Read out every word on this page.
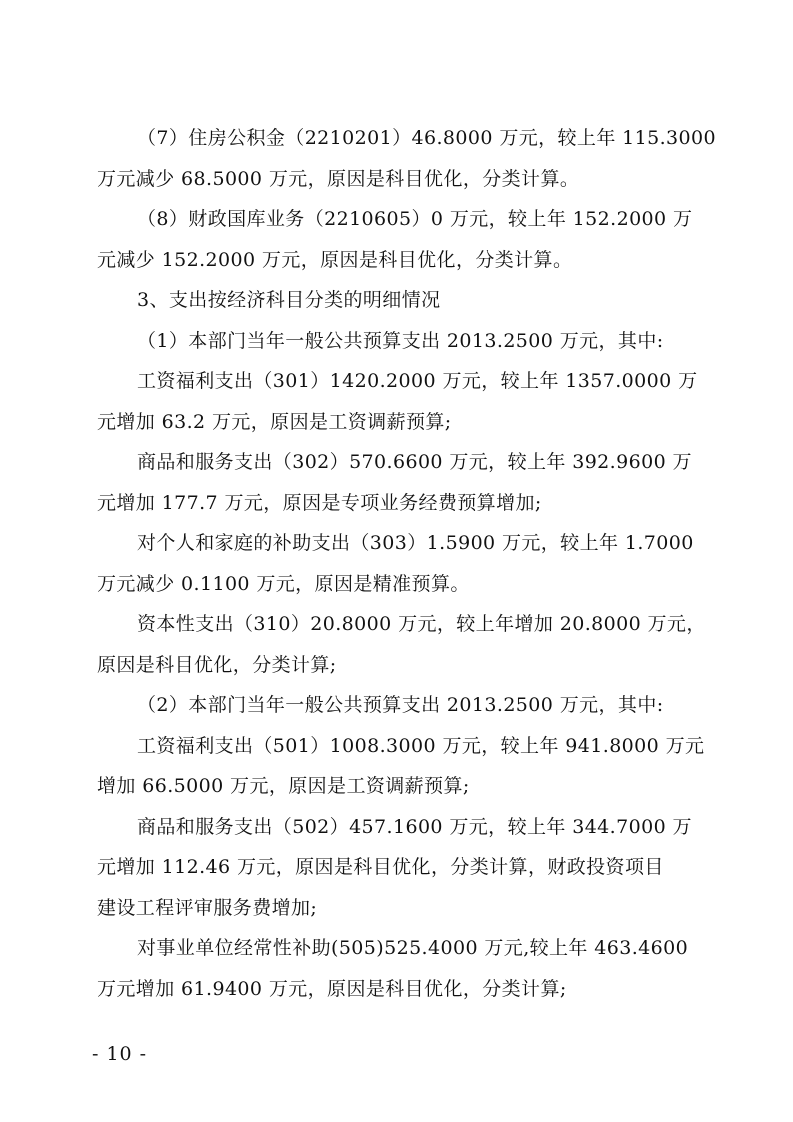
（7）住房公积金（2210201）46.8000 万元，较上年 115.3000
万元减少 68.5000 万元，原因是科目优化，分类计算。
（8）财政国库业务（2210605）0 万元，较上年 152.2000 万
元减少 152.2000 万元，原因是科目优化，分类计算。
3、支出按经济科目分类的明细情况
（1）本部门当年一般公共预算支出 2013.2500 万元，其中:
工资福利支出（301）1420.2000 万元，较上年 1357.0000 万
元增加 63.2 万元，原因是工资调薪预算;
商品和服务支出（302）570.6600 万元，较上年 392.9600 万
元增加 177.7 万元，原因是专项业务经费预算增加;
对个人和家庭的补助支出（303）1.5900 万元，较上年 1.7000
万元减少 0.1100 万元，原因是精准预算。
资本性支出（310）20.8000 万元，较上年增加 20.8000 万元，
原因是科目优化，分类计算;
（2）本部门当年一般公共预算支出 2013.2500 万元，其中:
工资福利支出（501）1008.3000 万元，较上年 941.8000 万元
增加 66.5000 万元，原因是工资调薪预算;
商品和服务支出（502）457.1600 万元，较上年 344.7000 万
元增加 112.46 万元，原因是科目优化，分类计算，财政投资项目
建设工程评审服务费增加;
对事业单位经常性补助(505)525.4000 万元,较上年 463.4600
万元增加 61.9400 万元，原因是科目优化，分类计算;
- 10 -
